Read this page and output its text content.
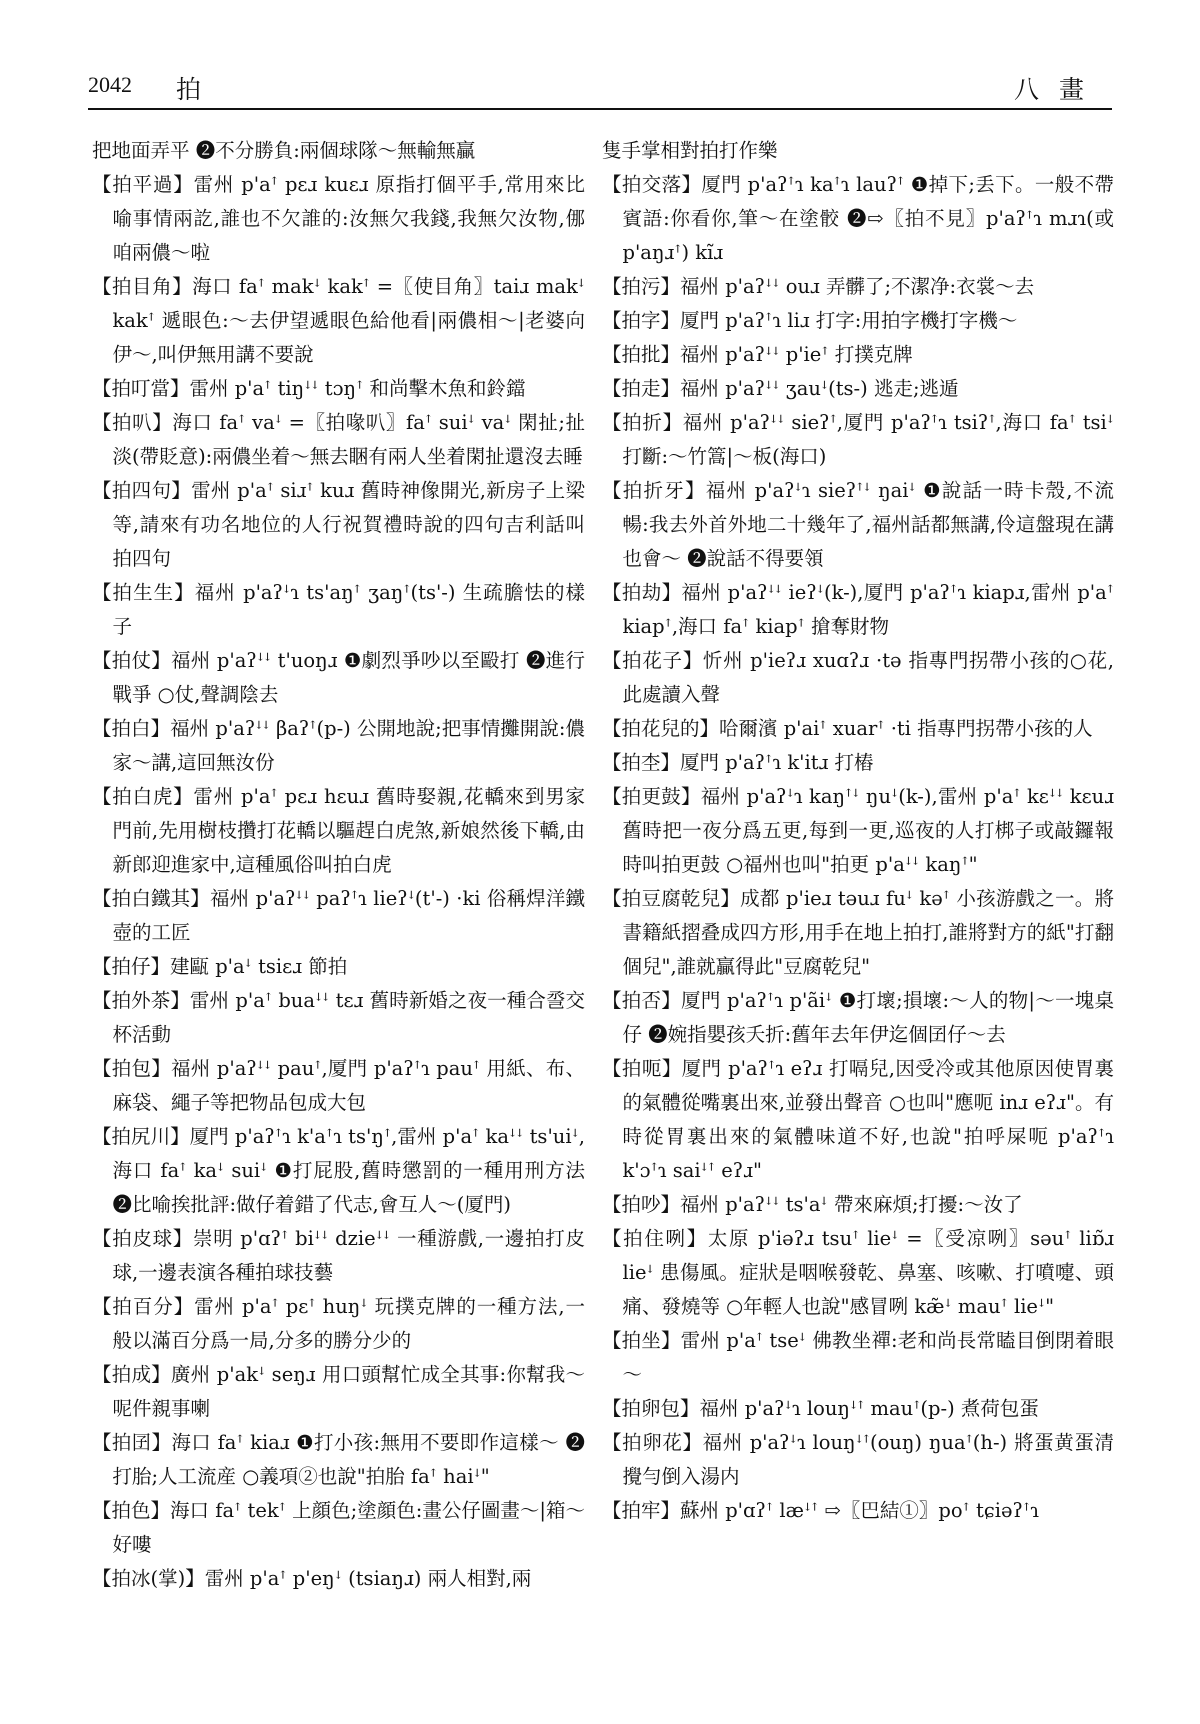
2042 拍	八畫

把地面弄平 ❷不分勝負:兩個球隊～無輸無贏

【拍平過】雷州 p'aꜛ pɛɹ kuɛɹ 原指打個平手,常用來比喻事情兩訖,誰也不欠誰的:汝無欠我錢,我無欠汝物,㑚咱兩儂～啦

【拍目角】海口 faꜛ makꜜ kakꜛ =〖使目角〗taiɹ makꜜ kakꜛ 遞眼色:～去伊望遞眼色給他看|兩儂相～|老婆向伊～,叫伊無用講不要說

【拍叮當】雷州 p'aꜛ tiŋꜜꜜ tɔŋꜛ 和尚擊木魚和鈴鐺

【拍叭】海口 faꜛ vaꜜ =〖拍喙叭〗faꜛ suiꜜ vaꜜ 閑扯;扯淡(帶貶意):兩儂坐着～無去睏有兩人坐着閑扯還沒去睡

【拍四句】雷州 p'aꜛ siɹꜛ kuɹ 舊時神像開光,新房子上梁等,請來有功名地位的人行祝賀禮時說的四句吉利話叫拍四句

【拍生生】福州 p'aʔꜜɿ ts'aŋꜛ ʒaŋꜛ(ts'-) 生疏膽怯的樣子

【拍仗】福州 p'aʔꜜꜜ t'uoŋɹ ❶劇烈爭吵以至毆打 ❷進行戰爭 ○仗,聲調陰去

【拍白】福州 p'aʔꜜꜜ βaʔꜛ(p-) 公開地說;把事情攤開說:儂家～講,這回無汝份

【拍白虎】雷州 p'aꜛ pɛɹ hɛuɹ 舊時娶親,花轎來到男家門前,先用樹枝攢打花轎以驅趕白虎煞,新娘然後下轎,由新郎迎進家中,這種風俗叫拍白虎

【拍白鐵其】福州 p'aʔꜜꜜ paʔꜛɿ lieʔꜜ(t'-) ·ki 俗稱焊洋鐵壺的工匠

【拍仔】建甌 p'aꜜ tsiɛɹ 節拍

【拍外茶】雷州 p'aꜛ buaꜜꜜ tɛɹ 舊時新婚之夜一種合巹交杯活動

【拍包】福州 p'aʔꜜꜜ pauꜛ,厦門 p'aʔꜛɿ pauꜛ 用紙、布、麻袋、繩子等把物品包成大包

【拍尻川】厦門 p'aʔꜛɿ k'aꜛɿ ts'ŋꜛ,雷州 p'aꜛ kaꜜꜜ ts'uiꜜ,海口 faꜛ kaꜜ suiꜜ ❶打屁股,舊時懲罰的一種用刑方法 ❷比喻挨批評:做仔着錯了代志,會互人～(厦門)

【拍皮球】崇明 p'ɑʔꜛ biꜜꜜ dzieꜜꜜ 一種游戲,一邊拍打皮球,一邊表演各種拍球技藝

【拍百分】雷州 p'aꜛ pɛꜛ huŋꜜ 玩撲克牌的一種方法,一般以滿百分爲一局,分多的勝分少的

【拍成】廣州 p'akꜜ seŋɹ 用口頭幫忙成全其事:你幫我～呢件親事喇

【拍囝】海口 faꜛ kiaɹ ❶打小孩:無用不要即作這樣～ ❷打胎;人工流産 ○義項②也說"拍胎 faꜛ haiꜜ"

【拍色】海口 faꜛ tekꜛ 上顔色;塗顔色:畫公仔圖畫～|箱～好嘍

【拍冰(掌)】雷州 p'aꜛ p'eŋꜜ (tsiaŋɹ) 兩人相對,兩

隻手掌相對拍打作樂

【拍交落】厦門 p'aʔꜛɿ kaꜛɿ lauʔꜛ ❶掉下;丢下。一般不帶賓語:你看你,筆～在塗骹 ❷⇨〖拍不見〗p'aʔꜛɿ mɹɿ(或p'aŋɹꜛ) kĩɹ

【拍污】福州 p'aʔꜜꜜ ouɹ 弄髒了;不潔净:衣裳～去

【拍字】厦門 p'aʔꜛɿ liɹ 打字:用拍字機打字機～

【拍批】福州 p'aʔꜜꜜ p'ieꜛ 打撲克牌

【拍走】福州 p'aʔꜜꜜ ʒauꜜ(ts-) 逃走;逃遁

【拍折】福州 p'aʔꜜꜜ sieʔꜛ,厦門 p'aʔꜛɿ tsiʔꜛ,海口 faꜛ tsiꜜ 打斷:～竹篙|～板(海口)

【拍折牙】福州 p'aʔꜜɿ sieʔꜛꜜ ŋaiꜜ ❶說話一時卡殼,不流暢:我去外首外地二十幾年了,福州話都無講,伶這盤現在講也會～ ❷說話不得要領

【拍劫】福州 p'aʔꜜꜜ ieʔꜜ(k-),厦門 p'aʔꜛɿ kiapɹ,雷州 p'aꜛ kiapꜛ,海口 faꜛ kiapꜛ 搶奪財物

【拍花子】忻州 p'ieʔɹ xuɑʔɹ ·tə 指專門拐帶小孩的○花,此處讀入聲

【拍花兒的】哈爾濱 p'aiꜛ xuarꜛ ·ti 指專門拐帶小孩的人

【拍杢】厦門 p'aʔꜛɿ k'itɹ 打樁

【拍更鼓】福州 p'aʔꜜɿ kaŋꜛꜜ ŋuꜜ(k-),雷州 p'aꜛ kɛꜜꜜ kɛuɹ 舊時把一夜分爲五更,每到一更,巡夜的人打梆子或敲鑼報時叫拍更鼓 ○福州也叫"拍更 p'aꜜꜜ kaŋꜛ"

【拍豆腐乾兒】成都 p'ieɹ təuɹ fuꜜ kəꜛ 小孩游戲之一。將書籍紙摺叠成四方形,用手在地上拍打,誰將對方的紙"打翻個兒",誰就贏得此"豆腐乾兒"

【拍否】厦門 p'aʔꜛɿ p'ãiꜜ ❶打壞;損壞:～人的物|～一塊桌仔 ❷婉指嬰孩夭折:舊年去年伊迄個囝仔～去

【拍呃】厦門 p'aʔꜛɿ eʔɹ 打嗝兒,因受冷或其他原因使胃裏的氣體從嘴裏出來,並發出聲音 ○也叫"應呃 inɹ eʔɹ"。有時從胃裏出來的氣體味道不好,也說"拍呼屎呃 p'aʔꜛɿ k'ɔꜛɿ saiꜜꜛ eʔɹ"

【拍吵】福州 p'aʔꜜꜜ ts'aꜜ 帶來麻煩;打擾:～汝了

【拍住咧】太原 p'iəʔɹ tsuꜛ lieꜜ =〖受凉咧〗səuꜛ liɒ̃ɹ lieꜜ 患傷風。症狀是咽喉發乾、鼻塞、咳嗽、打噴嚏、頭痛、發燒等 ○年輕人也說"感冒咧 kæ̃ꜜ mauꜛ lieꜜ"

【拍坐】雷州 p'aꜛ tseꜜ 佛教坐禪:老和尚長常瞌目倒閉着眼～

【拍卵包】福州 p'aʔꜜɿ louŋꜜꜛ mauꜛ(p-) 煮荷包蛋

【拍卵花】福州 p'aʔꜜɿ louŋꜜꜛ(ouŋ) ŋuaꜛ(h-) 將蛋黄蛋清攪勻倒入湯内

【拍牢】蘇州 p'ɑʔꜛ læꜜꜛ ⇨〖巴結①〗poꜛ tɕiəʔꜛɿ
